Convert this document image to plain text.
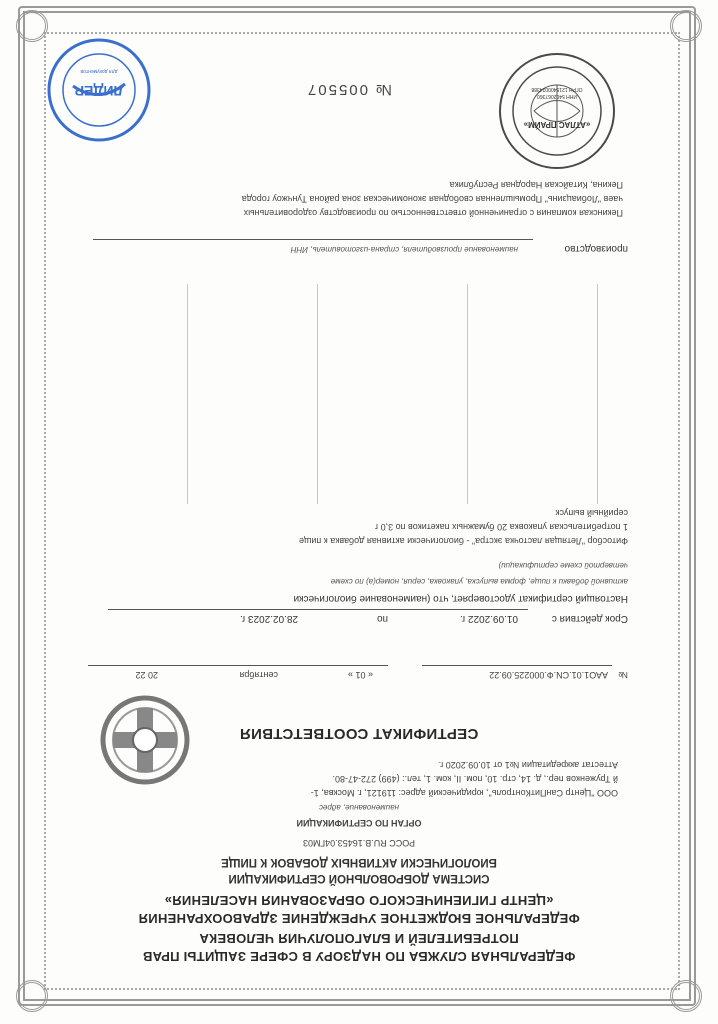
ФЕДЕРАЛЬНАЯ СЛУЖБА ПО НАДЗОРУ В СФЕРЕ ЗАЩИТЫ ПРАВ
ПОТРЕБИТЕЛЕЙ И БЛАГОПОЛУЧИЯ ЧЕЛОВЕКА
ФЕДЕРАЛЬНОЕ БЮДЖЕТНОЕ УЧРЕЖДЕНИЕ ЗДРАВООХРАНЕНИЯ
«ЦЕНТР ГИГИЕНИЧЕСКОГО ОБРАЗОВАНИЯ НАСЕЛЕНИЯ»
СИСТЕМА ДОБРОВОЛЬНОЙ СЕРТИФИКАЦИИ
БИОЛОГИЧЕСКИ АКТИВНЫХ ДОБАВОК К ПИЩЕ
РОСС RU.В.16453.04ГМ03
ОРГАН ПО СЕРТИФИКАЦИИ
наименование, адрес
ООО "Центр СанПитКонтроль", юридический адрес: 119121, г. Москва, 1-
й Труженков пер., д. 14, стр. 10, пом. II, ком. 1, тел.: (499) 272-47-80.
Аттестат аккредитации №1 от 10.09.2020 г.
СЕРТИФИКАТ СООТВЕТСТВИЯ
№
ААО1.01.CN.Ф.000225.09.22
« 01 »
сентября
20 22
Срок действия с
01.09.2022 г.
по
28.02.2023 г.
Настоящий сертификат удостоверяет, что (наименование биологически
активной добавки к пище, форма выпуска, упаковка, серия, номер(а) по схеме
четвертой схеме сертификации)
Фитосбор "Летящая ласточка экстра" - биологически активная добавка к пище
1 потребительская упаковка 20 бумажных пакетиков по 3,0 г
серийный выпуск
производство
наименование производителя, страна-изготовитель, ИНН
Пекинская компания с ограниченной ответственностью по производству оздоровительных
чаев "Лобиацзинь" Промышленная свободная экономическая зона района Тунчжоу города
Пекина, Китайская Народная Республика
«АТЛАС ПРАЙМ»
ИНН 5402067360
ОГРН 1215400024388
№
005507
ЛИДЕР
для документов
